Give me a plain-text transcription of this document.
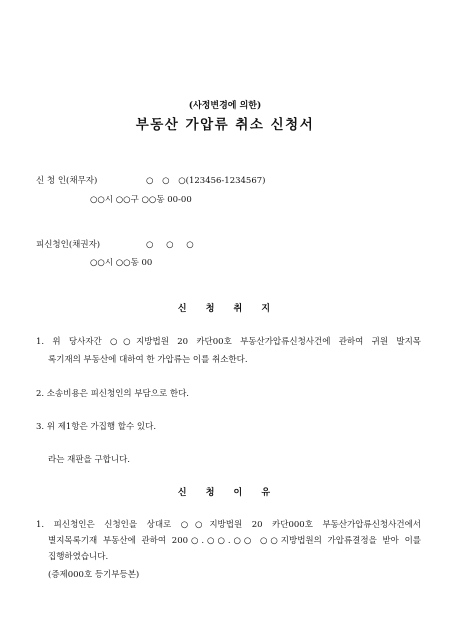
(사정변경에 의한)
부동산 가압류 취소 신청서
신 청 인(채무자)	○ ○ ○(123456-1234567)
○○시 ○○구 ○○동 00-00
피신청인(채권자)	○ ○ ○
○○시 ○○동 00
신 청 취 지
1. 위 당사자간 ○○지방법원 20 카단00호 부동산가압류신청사건에 관하여 귀원 발지목
록기재의 부동산에 대하여 한 가압류는 이를 취소한다.
2. 소송비용은 피신청인의 부담으로 한다.
3. 위 제1항은 가집행 할수 있다.
라는 재판을 구합니다.
신 청 이 유
1. 피신청인은 신청인을 상대로 ○○지방법원 20 카단000호 부동산가압류신청사건에서
별지목록기재 부동산에 관하여 200○.○○.○○ ○○지방법원의 가압류결정을 받아 이를
집행하였습니다.
(증제000호 등기부등본)
